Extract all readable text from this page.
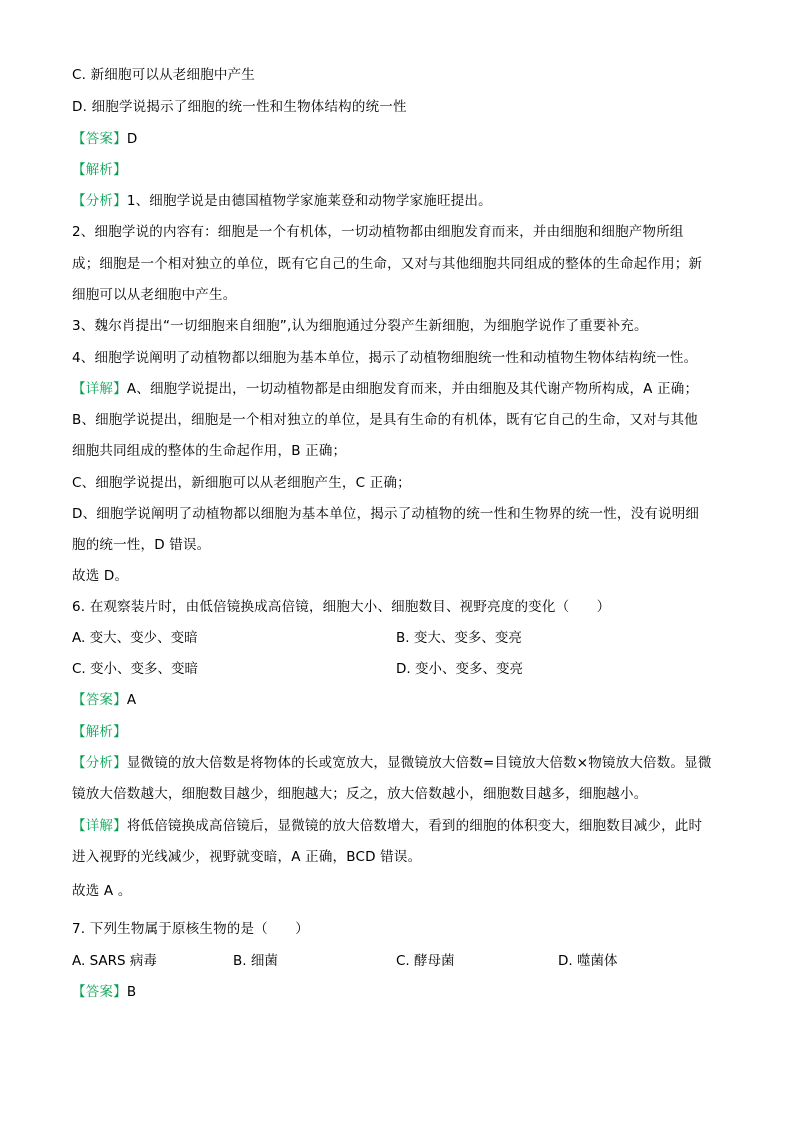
C. 新细胞可以从老细胞中产生
D. 细胞学说揭示了细胞的统一性和生物体结构的统一性
【答案】D
【解析】
【分析】1、细胞学说是由德国植物学家施莱登和动物学家施旺提出。
2、细胞学说的内容有：细胞是一个有机体，一切动植物都由细胞发育而来，并由细胞和细胞产物所组
成；细胞是一个相对独立的单位，既有它自己的生命，又对与其他细胞共同组成的整体的生命起作用；新
细胞可以从老细胞中产生。
3、魏尔肖提出“一切细胞来自细胞”,认为细胞通过分裂产生新细胞，为细胞学说作了重要补充。
4、细胞学说阐明了动植物都以细胞为基本单位，揭示了动植物细胞统一性和动植物生物体结构统一性。
【详解】A、细胞学说提出，一切动植物都是由细胞发育而来，并由细胞及其代谢产物所构成，A 正确；
B、细胞学说提出，细胞是一个相对独立的单位，是具有生命的有机体，既有它自己的生命，又对与其他
细胞共同组成的整体的生命起作用，B 正确；
C、细胞学说提出，新细胞可以从老细胞产生，C 正确；
D、细胞学说阐明了动植物都以细胞为基本单位，揭示了动植物的统一性和生物界的统一性，没有说明细
胞的统一性，D 错误。
故选 D。
6. 在观察装片时，由低倍镜换成高倍镜，细胞大小、细胞数目、视野亮度的变化（　　）
A. 变大、变少、变暗	B. 变大、变多、变亮
C. 变小、变多、变暗	D. 变小、变多、变亮
【答案】A
【解析】
【分析】显微镜的放大倍数是将物体的长或宽放大，显微镜放大倍数=目镜放大倍数×物镜放大倍数。显微
镜放大倍数越大，细胞数目越少，细胞越大；反之，放大倍数越小，细胞数目越多，细胞越小。
【详解】将低倍镜换成高倍镜后，显微镜的放大倍数增大，看到的细胞的体积变大，细胞数目减少，此时
进入视野的光线减少，视野就变暗，A 正确，BCD 错误。
故选 A 。
7. 下列生物属于原核生物的是（　　）
A. SARS 病毒	B. 细菌	C. 酵母菌	D. 噬菌体
【答案】B
